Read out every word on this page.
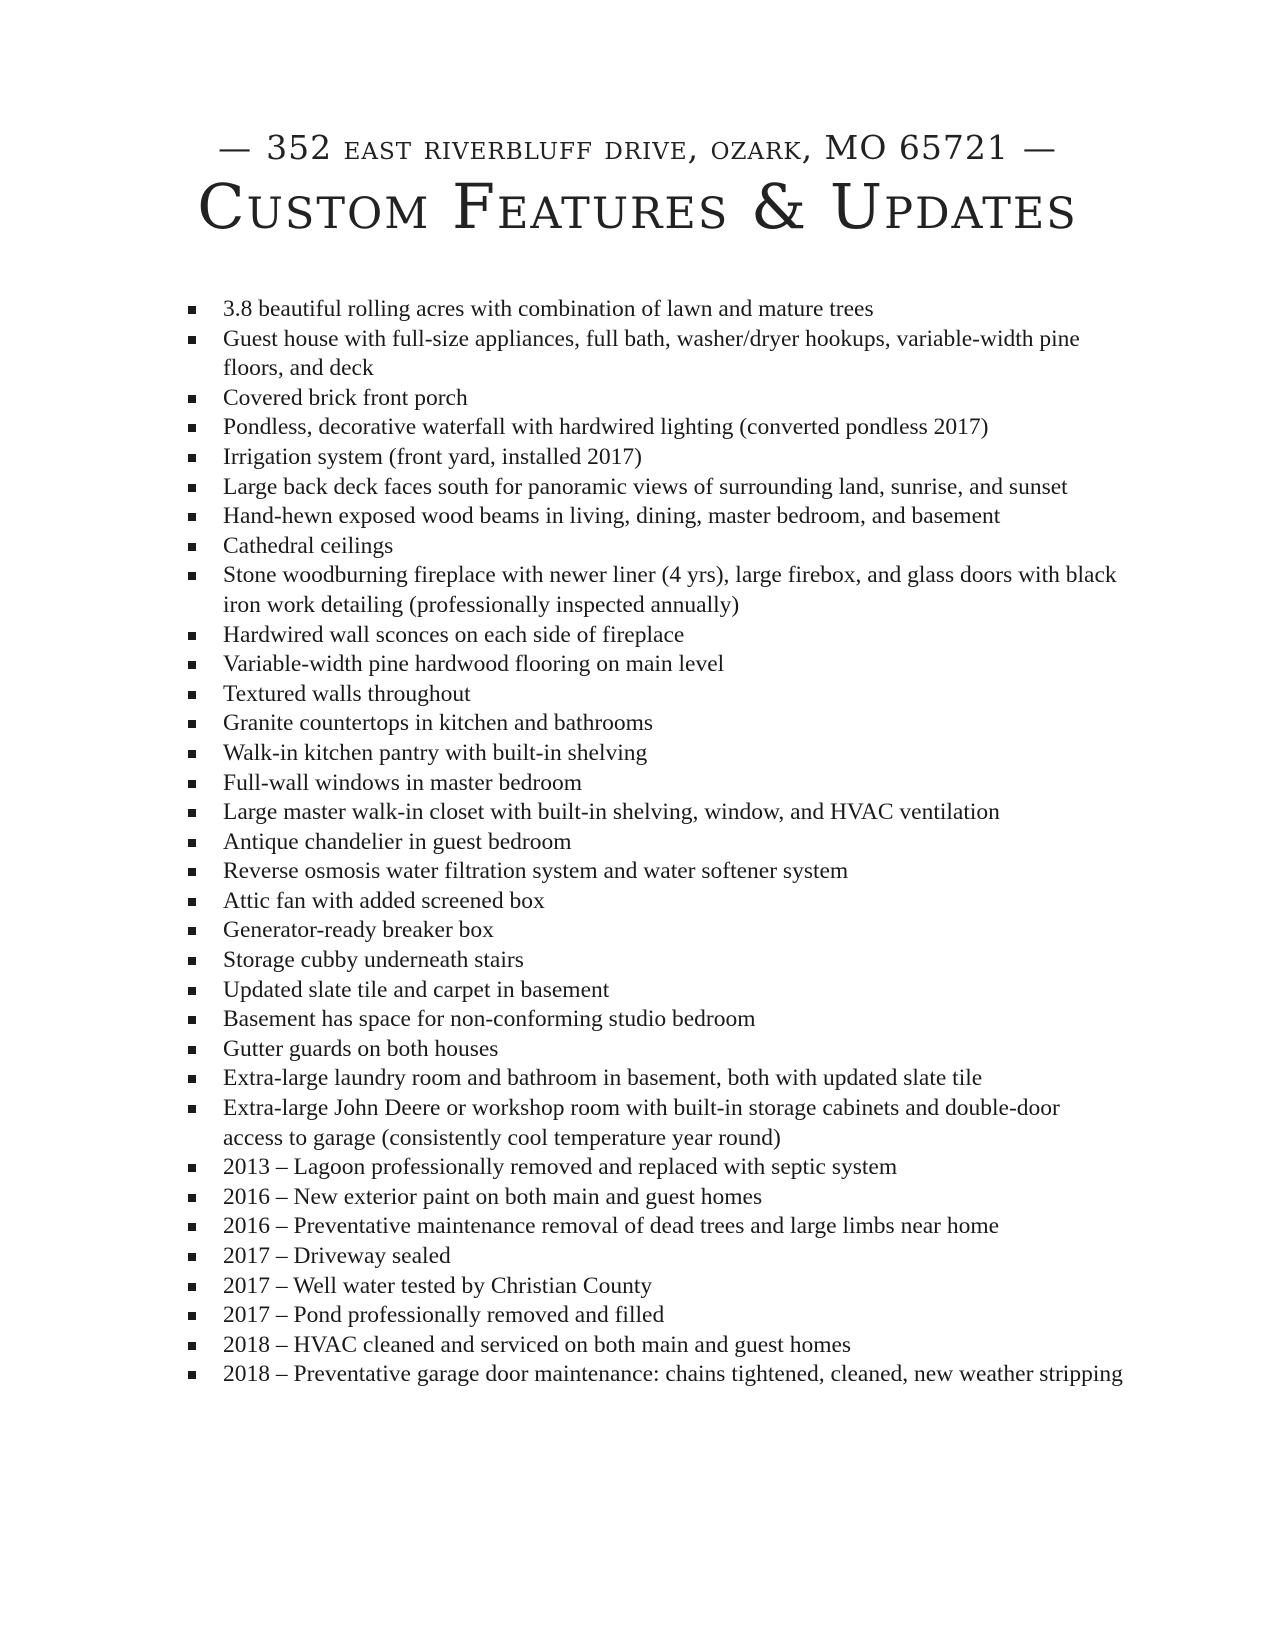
— 352 east riverbluff drive, ozark, MO 65721 —
Custom Features & Updates
3.8 beautiful rolling acres with combination of lawn and mature trees
Guest house with full-size appliances, full bath, washer/dryer hookups, variable-width pine floors, and deck
Covered brick front porch
Pondless, decorative waterfall with hardwired lighting (converted pondless 2017)
Irrigation system (front yard, installed 2017)
Large back deck faces south for panoramic views of surrounding land, sunrise, and sunset
Hand-hewn exposed wood beams in living, dining, master bedroom, and basement
Cathedral ceilings
Stone woodburning fireplace with newer liner (4 yrs), large firebox, and glass doors with black iron work detailing (professionally inspected annually)
Hardwired wall sconces on each side of fireplace
Variable-width pine hardwood flooring on main level
Textured walls throughout
Granite countertops in kitchen and bathrooms
Walk-in kitchen pantry with built-in shelving
Full-wall windows in master bedroom
Large master walk-in closet with built-in shelving, window, and HVAC ventilation
Antique chandelier in guest bedroom
Reverse osmosis water filtration system and water softener system
Attic fan with added screened box
Generator-ready breaker box
Storage cubby underneath stairs
Updated slate tile and carpet in basement
Basement has space for non-conforming studio bedroom
Gutter guards on both houses
Extra-large laundry room and bathroom in basement, both with updated slate tile
Extra-large John Deere or workshop room with built-in storage cabinets and double-door access to garage (consistently cool temperature year round)
2013 – Lagoon professionally removed and replaced with septic system
2016 – New exterior paint on both main and guest homes
2016 – Preventative maintenance removal of dead trees and large limbs near home
2017 – Driveway sealed
2017 – Well water tested by Christian County
2017 – Pond professionally removed and filled
2018 – HVAC cleaned and serviced on both main and guest homes
2018 – Preventative garage door maintenance: chains tightened, cleaned, new weather stripping
